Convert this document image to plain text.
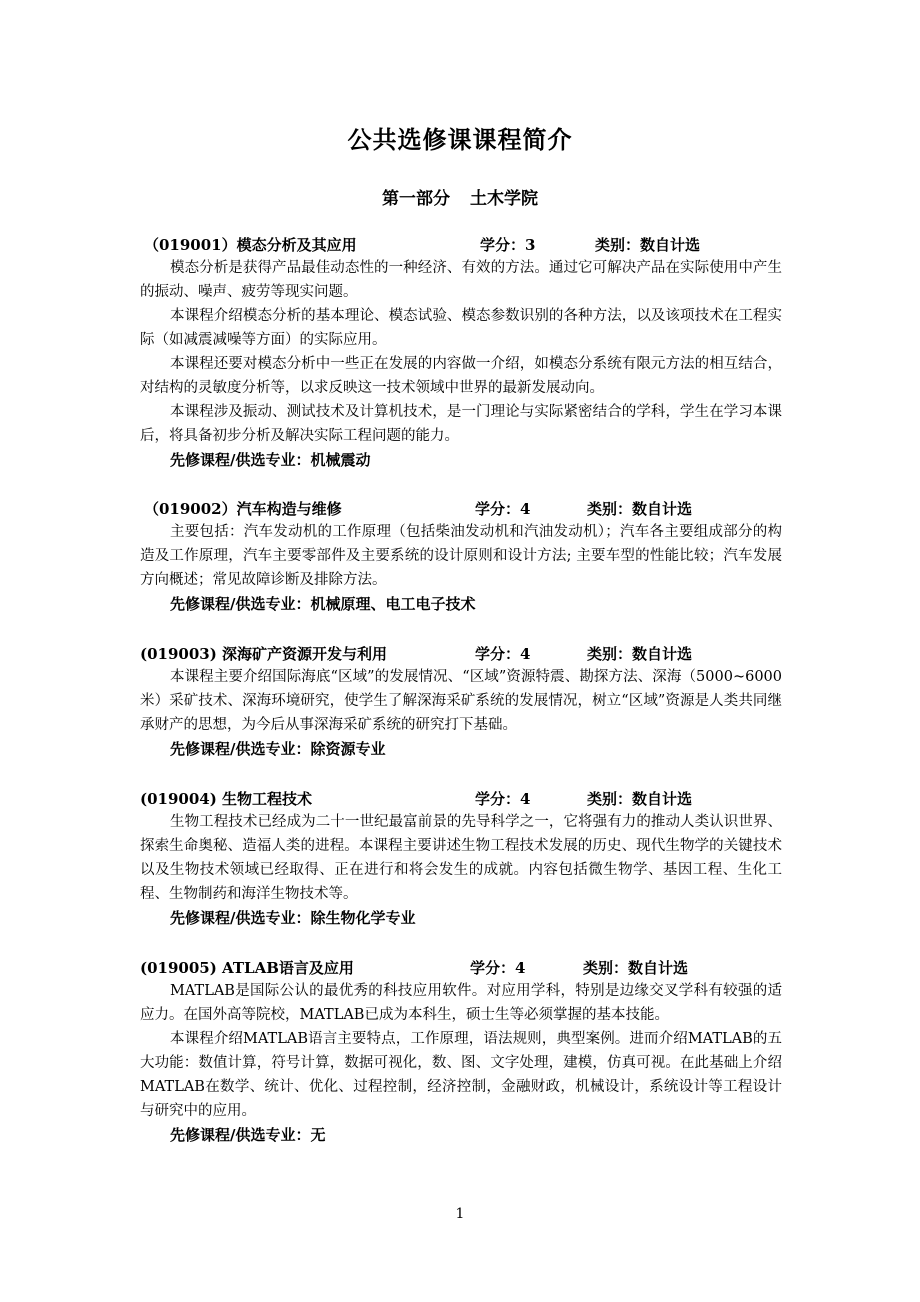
公共选修课课程简介
第一部分 土木学院
（019001）模态分析及其应用	学分：3	类别：数自计选

模态分析是获得产品最佳动态性的一种经济、有效的方法。通过它可解决产品在实际使用中产生的振动、噪声、疲劳等现实问题。

本课程介绍模态分析的基本理论、模态试验、模态参数识别的各种方法，以及该项技术在工程实际（如减震减噪等方面）的实际应用。

本课程还要对模态分析中一些正在发展的内容做一介绍，如模态分系统有限元方法的相互结合，对结构的灵敏度分析等，以求反映这一技术领域中世界的最新发展动向。

本课程涉及振动、测试技术及计算机技术，是一门理论与实际紧密结合的学科，学生在学习本课后，将具备初步分析及解决实际工程问题的能力。

先修课程/供选专业：机械震动

（019002）汽车构造与维修	学分：4	类别：数自计选

主要包括：汽车发动机的工作原理（包括柴油发动机和汽油发动机）；汽车各主要组成部分的构造及工作原理，汽车主要零部件及主要系统的设计原则和设计方法; 主要车型的性能比较；汽车发展方向概述；常见故障诊断及排除方法。

先修课程/供选专业：机械原理、电工电子技术

(019003) 深海矿产资源开发与利用	学分：4	类别：数自计选

本课程主要介绍国际海底“区域”的发展情况、“区域”资源特震、勘探方法、深海（5000~6000米）采矿技术、深海环境研究，使学生了解深海采矿系统的发展情况，树立“区域”资源是人类共同继承财产的思想，为今后从事深海采矿系统的研究打下基础。

先修课程/供选专业：除资源专业

(019004) 生物工程技术	学分：4	类别：数自计选

生物工程技术已经成为二十一世纪最富前景的先导科学之一，它将强有力的推动人类认识世界、探索生命奥秘、造福人类的进程。本课程主要讲述生物工程技术发展的历史、现代生物学的关键技术以及生物技术领域已经取得、正在进行和将会发生的成就。内容包括微生物学、基因工程、生化工程、生物制药和海洋生物技术等。

先修课程/供选专业：除生物化学专业

(019005) ATLAB语言及应用	学分：4	类别：数自计选

MATLAB是国际公认的最优秀的科技应用软件。对应用学科，特别是边缘交叉学科有较强的适应力。在国外高等院校，MATLAB已成为本科生，硕士生等必须掌握的基本技能。

本课程介绍MATLAB语言主要特点，工作原理，语法规则，典型案例。进而介绍MATLAB的五大功能：数值计算，符号计算，数据可视化，数、图、文字处理，建模，仿真可视。在此基础上介绍MATLAB在数学、统计、优化、过程控制，经济控制，金融财政，机械设计，系统设计等工程设计与研究中的应用。

先修课程/供选专业：无

1
